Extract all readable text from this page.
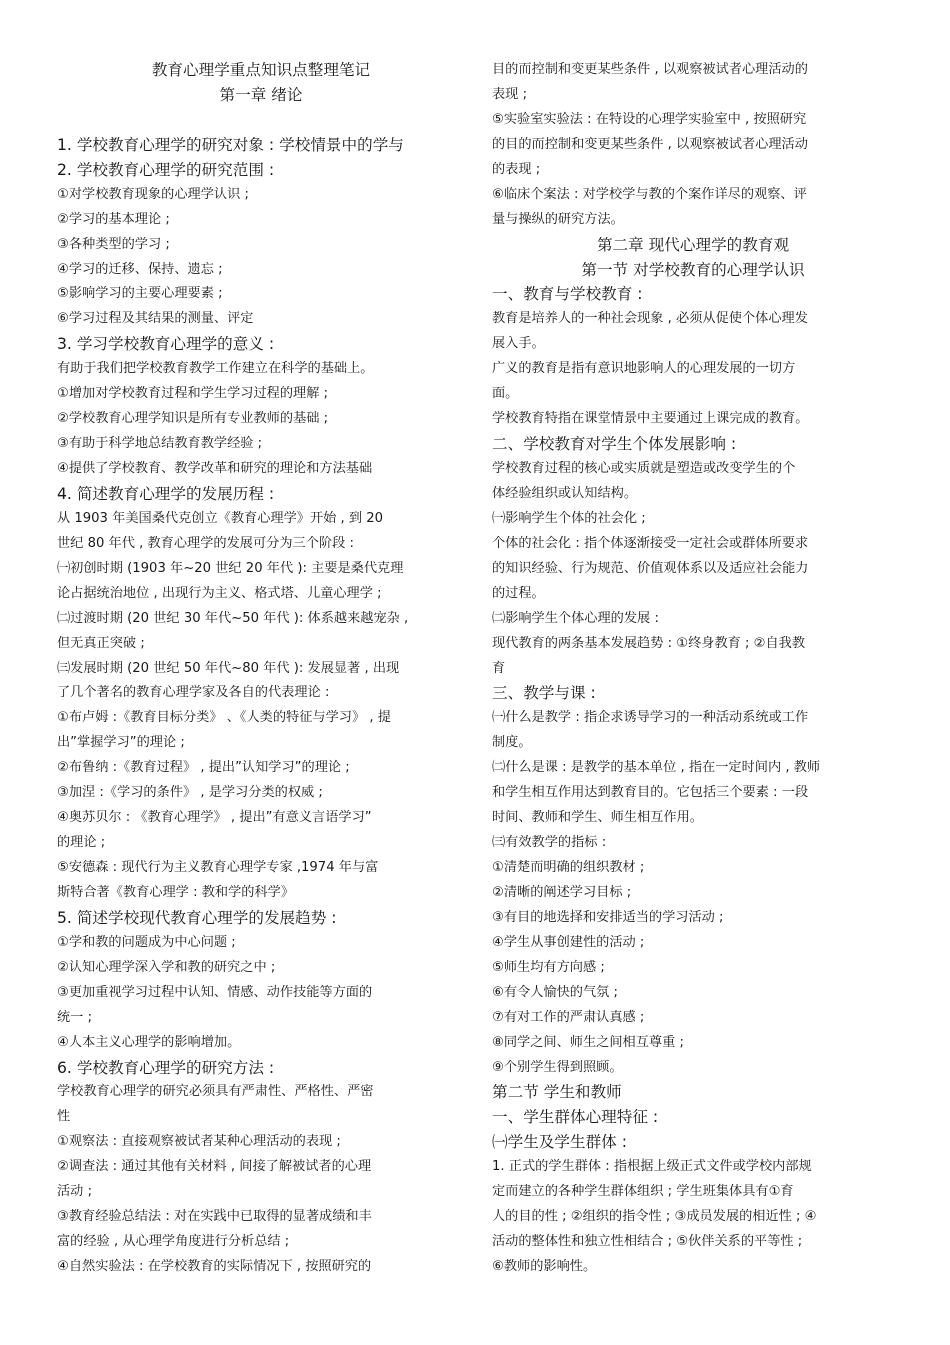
教育心理学重点知识点整理笔记
第一章 绪论
1. 学校教育心理学的研究对象 : 学校情景中的学与
2. 学校教育心理学的研究范围 :
①对学校教育现象的心理学认识 ;
②学习的基本理论 ;
③各种类型的学习 ;
④学习的迁移、保持、遗忘 ;
⑤影响学习的主要心理要素 ;
⑥学习过程及其结果的测量、评定
3. 学习学校教育心理学的意义 :
有助于我们把学校教育教学工作建立在科学的基础上。
①增加对学校教育过程和学生学习过程的理解 ;
②学校教育心理学知识是所有专业教师的基础 ;
③有助于科学地总结教育教学经验 ;
④提供了学校教育、教学改革和研究的理论和方法基础
4. 简述教育心理学的发展历程 :
从 1903 年美国桑代克创立《教育心理学》开始 , 到 20
世纪 80 年代 , 教育心理学的发展可分为三个阶段 :
㈠初创时期 (1903 年~20 世纪 20 年代 ): 主要是桑代克理
论占据统治地位 , 出现行为主义、格式塔、儿童心理学 ;
㈡过渡时期 (20 世纪 30 年代~50 年代 ): 体系越来越宠杂 ,
但无真正突破 ;
㈢发展时期 (20 世纪 50 年代~80 年代 ): 发展显著 , 出现
了几个著名的教育心理学家及各自的代表理论 :
①布卢姆 :《教育目标分类》 、《人类的特征与学习》 , 提
出”掌握学习”的理论 ;
②布鲁纳 :《教育过程》 , 提出”认知学习”的理论 ;
③加涅 :《学习的条件》 , 是学习分类的权威 ;
④奥苏贝尔 : 《教育心理学》 , 提出”有意义言语学习”
的理论 ;
⑤安德森 : 现代行为主义教育心理学专家 ,1974 年与富
斯特合著《教育心理学 : 教和学的科学》
5. 简述学校现代教育心理学的发展趋势 :
①学和教的问题成为中心问题 ;
②认知心理学深入学和教的研究之中 ;
③更加重视学习过程中认知、情感、动作技能等方面的
统一 ;
④人本主义心理学的影响增加。
6. 学校教育心理学的研究方法 :
学校教育心理学的研究必须具有严肃性、严格性、严密
性
①观察法 : 直接观察被试者某种心理活动的表现 ;
②调查法 : 通过其他有关材料 , 间接了解被试者的心理
活动 ;
③教育经验总结法 : 对在实践中已取得的显著成绩和丰
富的经验 , 从心理学角度进行分析总结 ;
④自然实验法 : 在学校教育的实际情况下 , 按照研究的
目的而控制和变更某些条件 , 以观察被试者心理活动的
表现 ;
⑤实验室实验法 : 在特设的心理学实验室中 , 按照研究
的目的而控制和变更某些条件 , 以观察被试者心理活动
的表现 ;
⑥临床个案法 : 对学校学与教的个案作详尽的观察、评
量与操纵的研究方法。
第二章 现代心理学的教育观
第一节 对学校教育的心理学认识
一、教育与学校教育 :
教育是培养人的一种社会现象 , 必须从促使个体心理发
展入手。
广义的教育是指有意识地影响人的心理发展的一切方
面。
学校教育特指在课堂情景中主要通过上课完成的教育。
二、学校教育对学生个体发展影响 :
学校教育过程的核心或实质就是塑造或改变学生的个
体经验组织或认知结构。
㈠影响学生个体的社会化 ;
个体的社会化 : 指个体逐渐接受一定社会或群体所要求
的知识经验、行为规范、价值观体系以及适应社会能力
的过程。
㈡影响学生个体心理的发展 :
现代教育的两条基本发展趋势 : ①终身教育 ; ②自我教
育
三、教学与课 :
㈠什么是教学 : 指企求诱导学习的一种活动系统或工作
制度。
㈡什么是课 : 是教学的基本单位 , 指在一定时间内 , 教师
和学生相互作用达到教育目的。它包括三个要素 : 一段
时间、教师和学生、师生相互作用。
㈢有效教学的指标 :
①清楚而明确的组织教材 ;
②清晰的阐述学习目标 ;
③有目的地选择和安排适当的学习活动 ;
④学生从事创建性的活动 ;
⑤师生均有方向感 ;
⑥有令人愉快的气氛 ;
⑦有对工作的严肃认真感 ;
⑧同学之间、师生之间相互尊重 ;
⑨个别学生得到照顾。
第二节 学生和教师
一、学生群体心理特征 :
㈠学生及学生群体 :
1. 正式的学生群体 : 指根据上级正式文件或学校内部规
定而建立的各种学生群体组织 ; 学生班集体具有①育
人的目的性 ; ②组织的指令性 ; ③成员发展的相近性 ; ④
活动的整体性和独立性相结合 ; ⑤伙伴关系的平等性 ;
⑥教师的影响性。
